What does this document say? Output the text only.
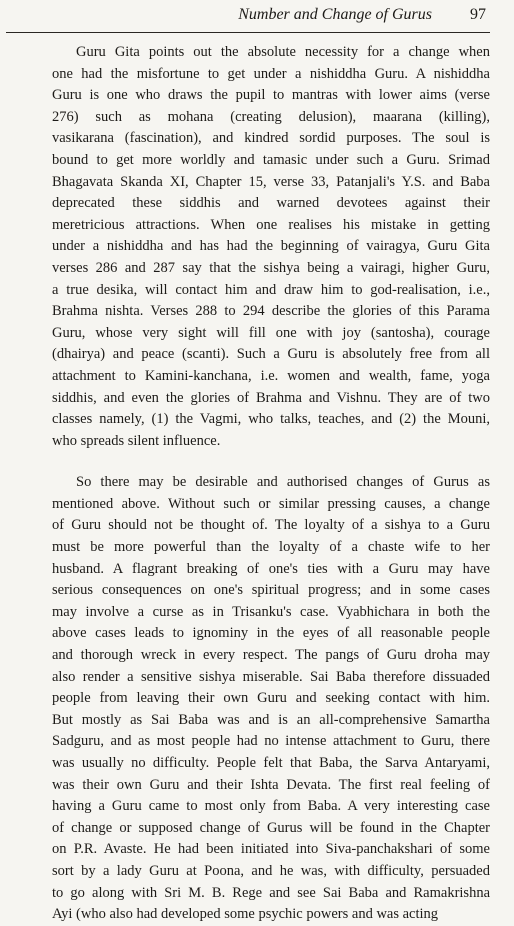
Number and Change of Gurus 97
Guru Gita points out the absolute necessity for a change when
one had the misfortune to get under a nishiddha Guru. A nishiddha
Guru is one who draws the pupil to mantras with lower aims (verse
276) such as mohana (creating delusion), maarana (killing),
vasikarana (fascination), and kindred sordid purposes. The soul is
bound to get more worldly and tamasic under such a Guru. Srimad
Bhagavata Skanda XI, Chapter 15, verse 33, Patanjali's Y.S. and Baba
deprecated these siddhis and warned devotees against their
meretricious attractions. When one realises his mistake in getting
under a nishiddha and has had the beginning of vairagya, Guru Gita
verses 286 and 287 say that the sishya being a vairagi, higher Guru,
a true desika, will contact him and draw him to god-realisation, i.e.,
Brahma nishta. Verses 288 to 294 describe the glories of this Parama
Guru, whose very sight will fill one with joy (santosha), courage
(dhairya) and peace (scanti). Such a Guru is absolutely free from all
attachment to Kamini-kanchana, i.e. women and wealth, fame, yoga
siddhis, and even the glories of Brahma and Vishnu. They are of two
classes namely, (1) the Vagmi, who talks, teaches, and (2) the Mouni,
who spreads silent influence.
So there may be desirable and authorised changes of Gurus as
mentioned above. Without such or similar pressing causes, a change
of Guru should not be thought of. The loyalty of a sishya to a Guru
must be more powerful than the loyalty of a chaste wife to her
husband. A flagrant breaking of one's ties with a Guru may have
serious consequences on one's spiritual progress; and in some cases
may involve a curse as in Trisanku's case. Vyabhichara in both the
above cases leads to ignominy in the eyes of all reasonable people
and thorough wreck in every respect. The pangs of Guru droha may
also render a sensitive sishya miserable. Sai Baba therefore dissuaded
people from leaving their own Guru and seeking contact with him.
But mostly as Sai Baba was and is an all-comprehensive Samartha
Sadguru, and as most people had no intense attachment to Guru, there
was usually no difficulty. People felt that Baba, the Sarva Antaryami,
was their own Guru and their Ishta Devata. The first real feeling of
having a Guru came to most only from Baba. A very interesting case
of change or supposed change of Gurus will be found in the Chapter
on P.R. Avaste. He had been initiated into Siva-panchakshari of some
sort by a lady Guru at Poona, and he was, with difficulty, persuaded
to go along with Sri M. B. Rege and see Sai Baba and Ramakrishna
Ayi (who also had developed some psychic powers and was acting
